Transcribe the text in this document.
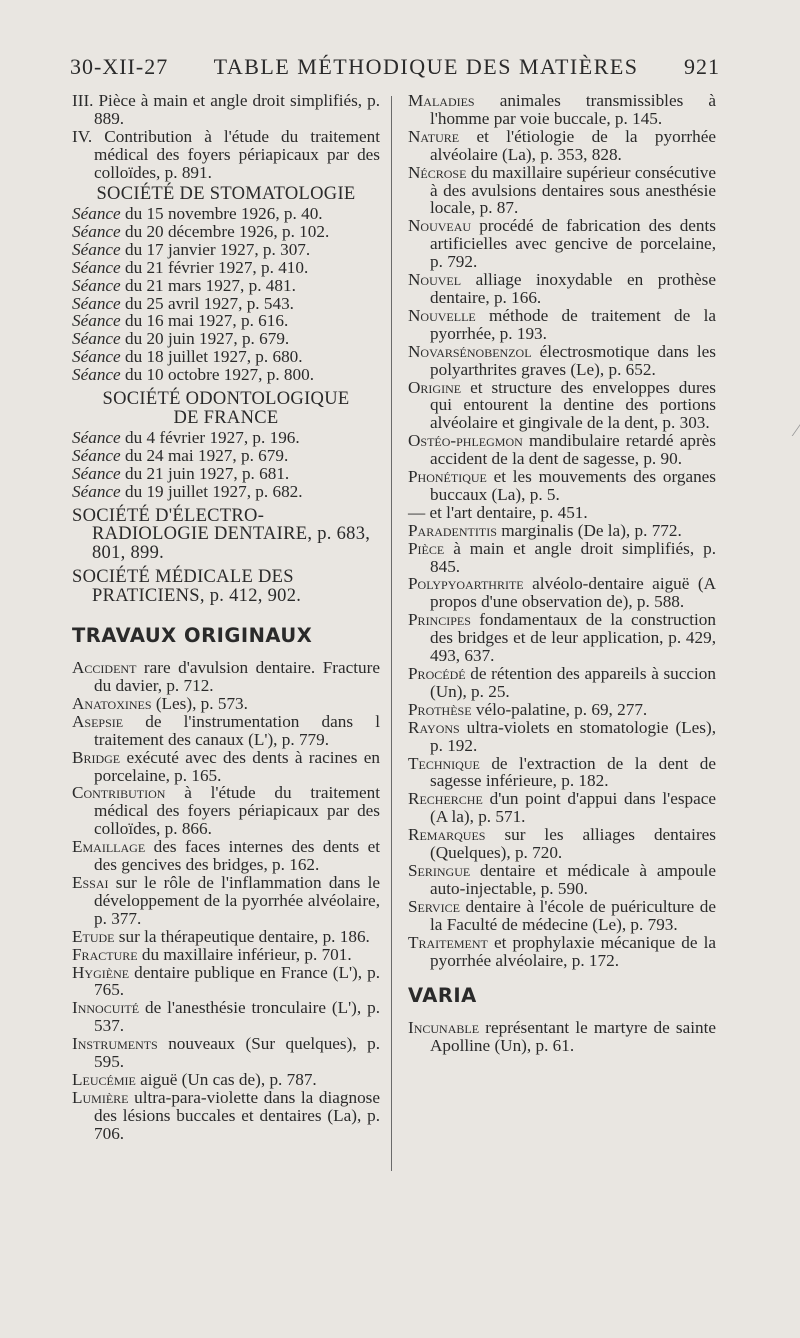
30-XII-27 TABLE MÉTHODIQUE DES MATIÈRES 921
III. Pièce à main et angle droit simplifiés, p. 889.
IV. Contribution à l'étude du traitement médical des foyers périapicaux par des colloïdes, p. 891.
SOCIÉTÉ DE STOMATOLOGIE
Séance du 15 novembre 1926, p. 40.
Séance du 20 décembre 1926, p. 102.
Séance du 17 janvier 1927, p. 307.
Séance du 21 février 1927, p. 410.
Séance du 21 mars 1927, p. 481.
Séance du 25 avril 1927, p. 543.
Séance du 16 mai 1927, p. 616.
Séance du 20 juin 1927, p. 679.
Séance du 18 juillet 1927, p. 680.
Séance du 10 octobre 1927, p. 800.
SOCIÉTÉ ODONTOLOGIQUE
DE FRANCE
Séance du 4 février 1927, p. 196.
Séance du 24 mai 1927, p. 679.
Séance du 21 juin 1927, p. 681.
Séance du 19 juillet 1927, p. 682.
SOCIÉTÉ D'ÉLECTRO-RADIOLOGIE DENTAIRE, p. 683, 801, 899.
SOCIÉTÉ MÉDICALE DES PRATICIENS, p. 412, 902.
TRAVAUX ORIGINAUX
Accident rare d'avulsion dentaire. Fracture du davier, p. 712.
Anatoxines (Les), p. 573.
Asepsie de l'instrumentation dans l traitement des canaux (L'), p. 779.
Bridge exécuté avec des dents à racines en porcelaine, p. 165.
Contribution à l'étude du traitement médical des foyers périapicaux par des colloïdes, p. 866.
Emaillage des faces internes des dents et des gencives des bridges, p. 162.
Essai sur le rôle de l'inflammation dans le développement de la pyorrhée alvéolaire, p. 377.
Etude sur la thérapeutique dentaire, p. 186.
Fracture du maxillaire inférieur, p. 701.
Hygiène dentaire publique en France (L'), p. 765.
Innocuité de l'anesthésie tronculaire (L'), p. 537.
Instruments nouveaux (Sur quelques), p. 595.
Leucémie aiguë (Un cas de), p. 787.
Lumière ultra-para-violette dans la diagnose des lésions buccales et dentaires (La), p. 706.
Maladies animales transmissibles à l'homme par voie buccale, p. 145.
Nature et l'étiologie de la pyorrhée alvéolaire (La), p. 353, 828.
Nécrose du maxillaire supérieur consécutive à des avulsions dentaires sous anesthésie locale, p. 87.
Nouveau procédé de fabrication des dents artificielles avec gencive de porcelaine, p. 792.
Nouvel alliage inoxydable en prothèse dentaire, p. 166.
Nouvelle méthode de traitement de la pyorrhée, p. 193.
Novarsénobenzol électrosmotique dans les polyarthrites graves (Le), p. 652.
Origine et structure des enveloppes dures qui entourent la dentine des portions alvéolaire et gingivale de la dent, p. 303.
Ostéo-phlegmon mandibulaire retardé après accident de la dent de sagesse, p. 90.
Phonétique et les mouvements des organes buccaux (La), p. 5.
— et l'art dentaire, p. 451.
Paradentitis marginalis (De la), p. 772.
Pièce à main et angle droit simplifiés, p. 845.
Polypyoarthrite alvéolo-dentaire aiguë (A propos d'une observation de), p. 588.
Principes fondamentaux de la construction des bridges et de leur application, p. 429, 493, 637.
Procédé de rétention des appareils à succion (Un), p. 25.
Prothèse vélo-palatine, p. 69, 277.
Rayons ultra-violets en stomatologie (Les), p. 192.
Technique de l'extraction de la dent de sagesse inférieure, p. 182.
Recherche d'un point d'appui dans l'espace (A la), p. 571.
Remarques sur les alliages dentaires (Quelques), p. 720.
Seringue dentaire et médicale à ampoule auto-injectable, p. 590.
Service dentaire à l'école de puériculture de la Faculté de médecine (Le), p. 793.
Traitement et prophylaxie mécanique de la pyorrhée alvéolaire, p. 172.
VARIA
Incunable représentant le martyre de sainte Apolline (Un), p. 61.
